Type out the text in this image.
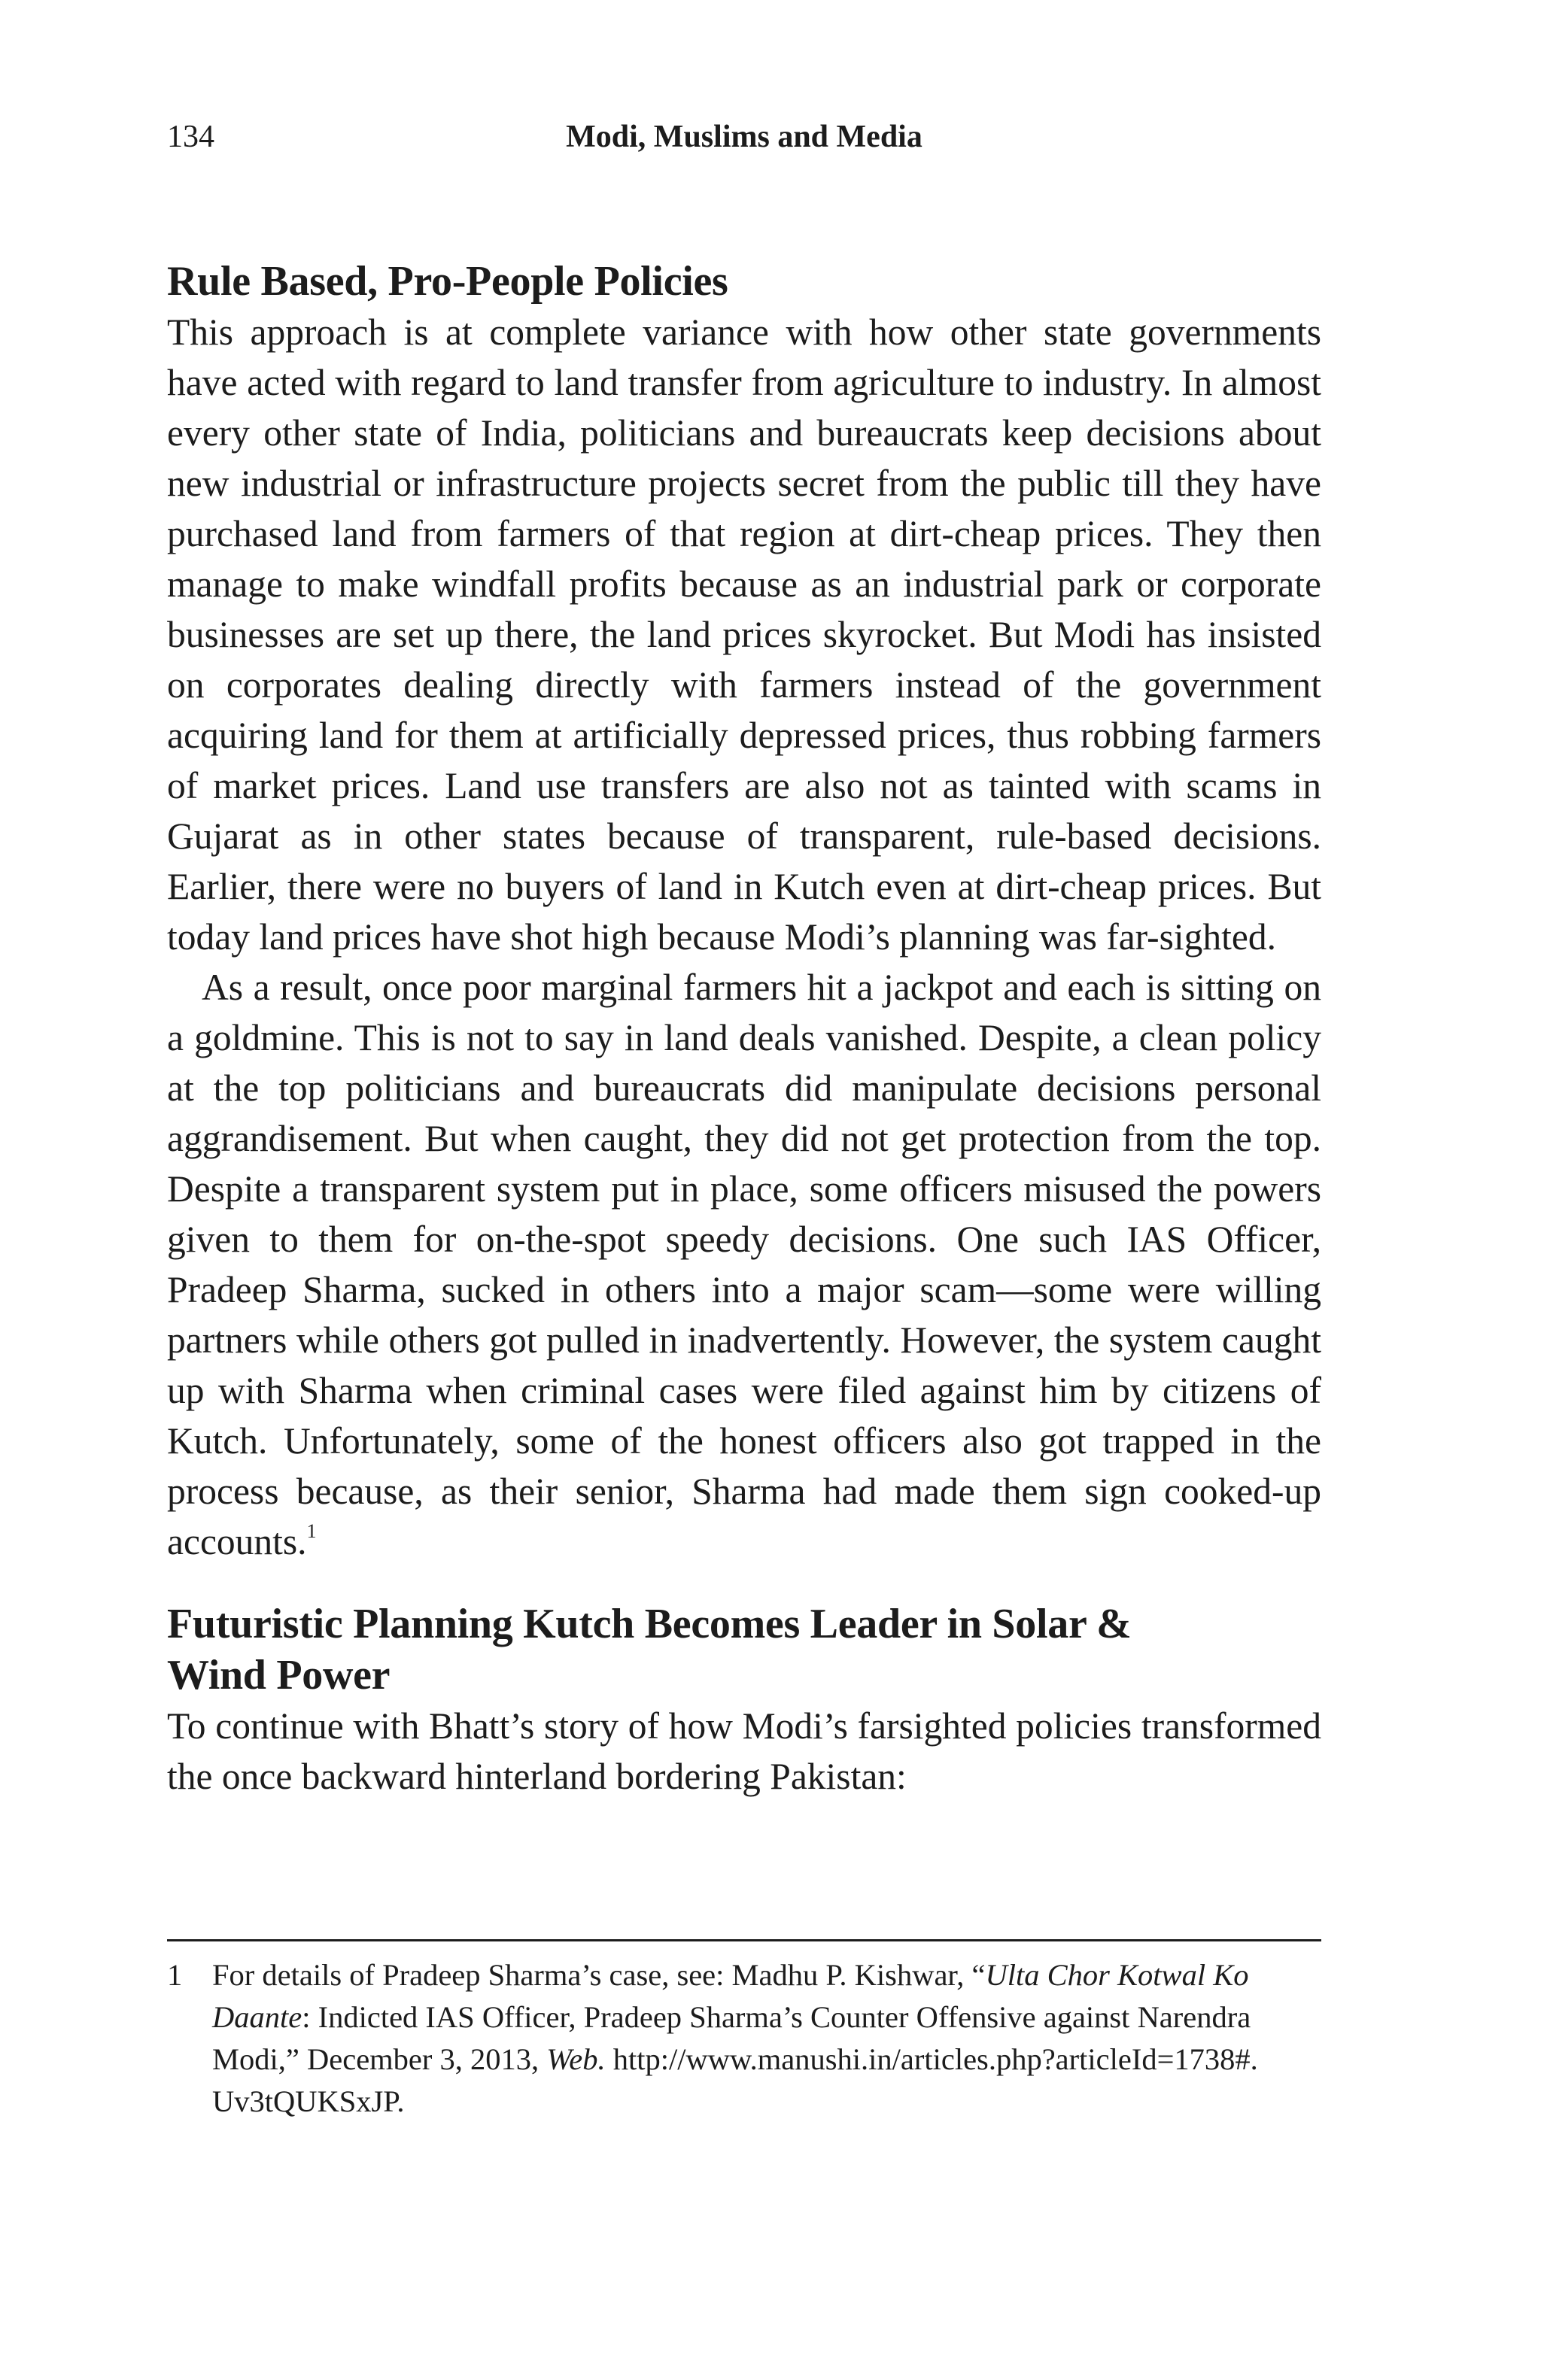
134	Modi, Muslims and Media
Rule Based, Pro-People Policies

This approach is at complete variance with how other state governments have acted with regard to land transfer from agriculture to industry. In almost every other state of India, politicians and bureaucrats keep decisions about new industrial or infrastructure projects secret from the public till they have purchased land from farmers of that region at dirt-cheap prices. They then manage to make windfall profits because as an industrial park or corporate businesses are set up there, the land prices skyrocket. But Modi has insisted on corporates dealing directly with farmers instead of the government acquiring land for them at artificially depressed prices, thus robbing farmers of market prices. Land use transfers are also not as tainted with scams in Gujarat as in other states because of transparent, rule-based decisions. Earlier, there were no buyers of land in Kutch even at dirt-cheap prices. But today land prices have shot high because Modi’s planning was far-sighted.

As a result, once poor marginal farmers hit a jackpot and each is sitting on a goldmine. This is not to say in land deals vanished. Despite, a clean policy at the top politicians and bureaucrats did manipulate decisions personal aggrandisement. But when caught, they did not get protection from the top. Despite a transparent system put in place, some officers misused the powers given to them for on-the-spot speedy decisions. One such IAS Officer, Pradeep Sharma, sucked in others into a major scam—some were willing partners while others got pulled in inadvertently. However, the system caught up with Sharma when criminal cases were filed against him by citizens of Kutch. Unfortunately, some of the honest officers also got trapped in the process because, as their senior, Sharma had made them sign cooked-up accounts.$^1$

Futuristic Planning Kutch Becomes Leader in Solar &
Wind Power

To continue with Bhatt’s story of how Modi’s farsighted policies transformed the once backward hinterland bordering Pakistan:

1 For details of Pradeep Sharma’s case, see: Madhu P. Kishwar, “Ulta Chor Kotwal Ko Daante: Indicted IAS Officer, Pradeep Sharma’s Counter Offensive against Narendra Modi,” December 3, 2013, Web. http://www.manushi.in/articles.php?articleId=1738#. Uv3tQUKSxJP.
